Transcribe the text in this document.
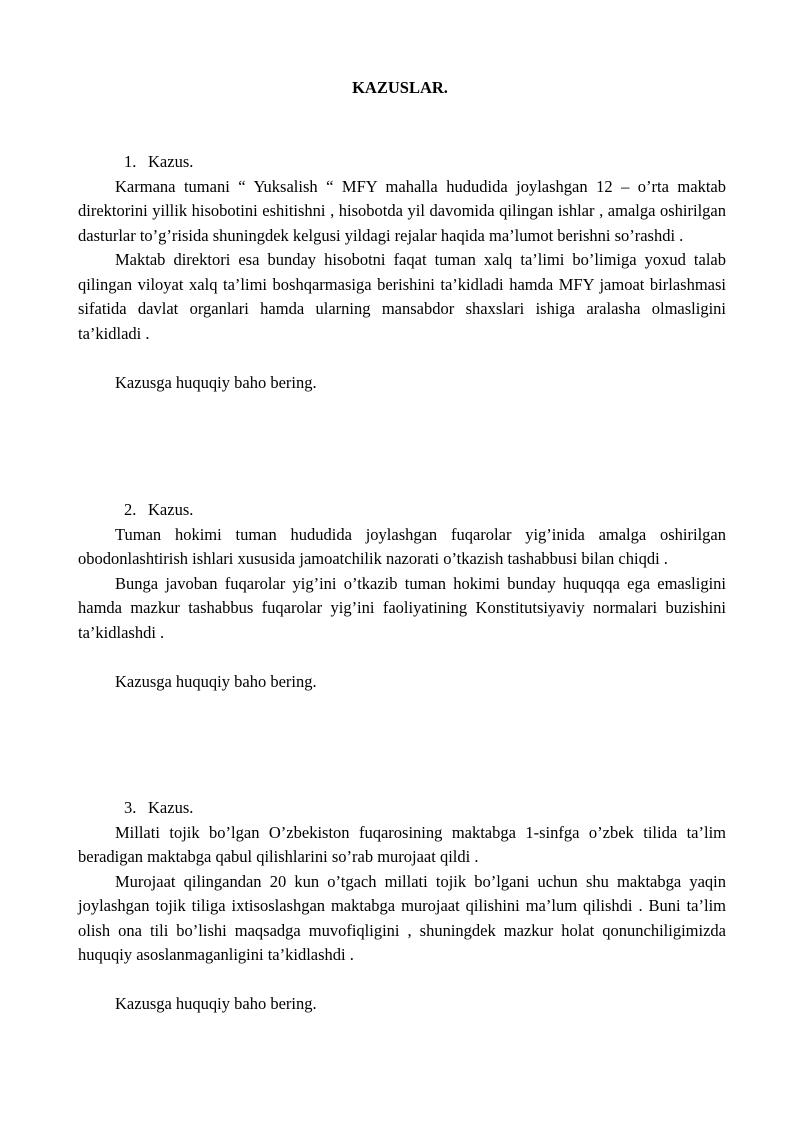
KAZUSLAR.
1. Kazus.

Karmana tumani “ Yuksalish “ MFY mahalla hududida joylashgan 12 – o’rta maktab direktorini yillik hisobotini eshitishni , hisobotda yil davomida qilingan ishlar , amalga oshirilgan dasturlar to’g’risida shuningdek kelgusi yildagi rejalar haqida ma’lumot berishni so’rashdi .

Maktab direktori esa bunday hisobotni faqat tuman xalq ta’limi bo’limiga yoxud talab qilingan viloyat xalq ta’limi boshqarmasiga berishini ta’kidladi hamda MFY jamoat birlashmasi sifatida davlat organlari hamda ularning mansabdor shaxslari ishiga aralasha olmasligini ta’kidladi .

Kazusga huquqiy baho bering.

2. Kazus.

Tuman hokimi tuman hududida joylashgan fuqarolar yig’inida amalga oshirilgan obodonlashtirish ishlari xususida jamoatchilik nazorati o’tkazish tashabbusi bilan chiqdi .

Bunga javoban fuqarolar yig’ini o’tkazib tuman hokimi bunday huquqqa ega emasligini hamda mazkur tashabbus fuqarolar yig’ini faoliyatining Konstitutsiyaviy normalari buzishini ta’kidlashdi .

Kazusga huquqiy baho bering.

3. Kazus.

Millati tojik bo’lgan O’zbekiston fuqarosining maktabga 1-sinfga o’zbek tilida ta’lim beradigan maktabga qabul qilishlarini so’rab murojaat qildi .

Murojaat qilingandan 20 kun o’tgach millati tojik bo’lgani uchun shu maktabga yaqin joylashgan tojik tiliga ixtisoslashgan maktabga murojaat qilishini ma’lum qilishdi . Buni ta’lim olish ona tili bo’lishi maqsadga muvofiqligini , shuningdek mazkur holat qonunchiligimizda huquqiy asoslanmaganligini ta’kidlashdi .

Kazusga huquqiy baho bering.
